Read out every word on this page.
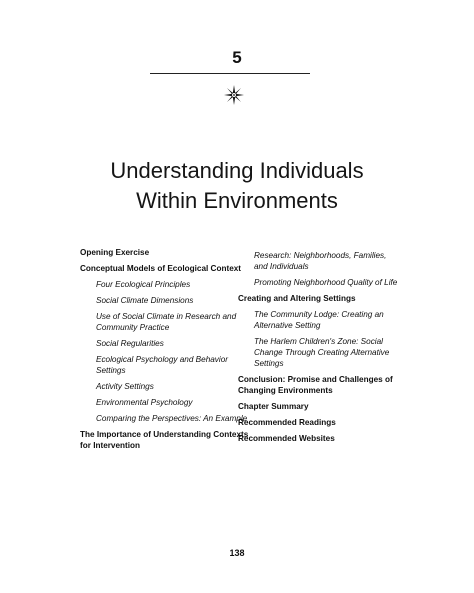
5
Understanding Individuals
Within Environments
Opening Exercise
Conceptual Models of Ecological Context
Four Ecological Principles
Social Climate Dimensions
Use of Social Climate in Research and Community Practice
Social Regularities
Ecological Psychology and Behavior Settings
Activity Settings
Environmental Psychology
Comparing the Perspectives: An Example
The Importance of Understanding Contexts for Intervention
Research: Neighborhoods, Families, and Individuals
Promoting Neighborhood Quality of Life
Creating and Altering Settings
The Community Lodge: Creating an Alternative Setting
The Harlem Children's Zone: Social Change Through Creating Alternative Settings
Conclusion: Promise and Challenges of Changing Environments
Chapter Summary
Recommended Readings
Recommended Websites
138
